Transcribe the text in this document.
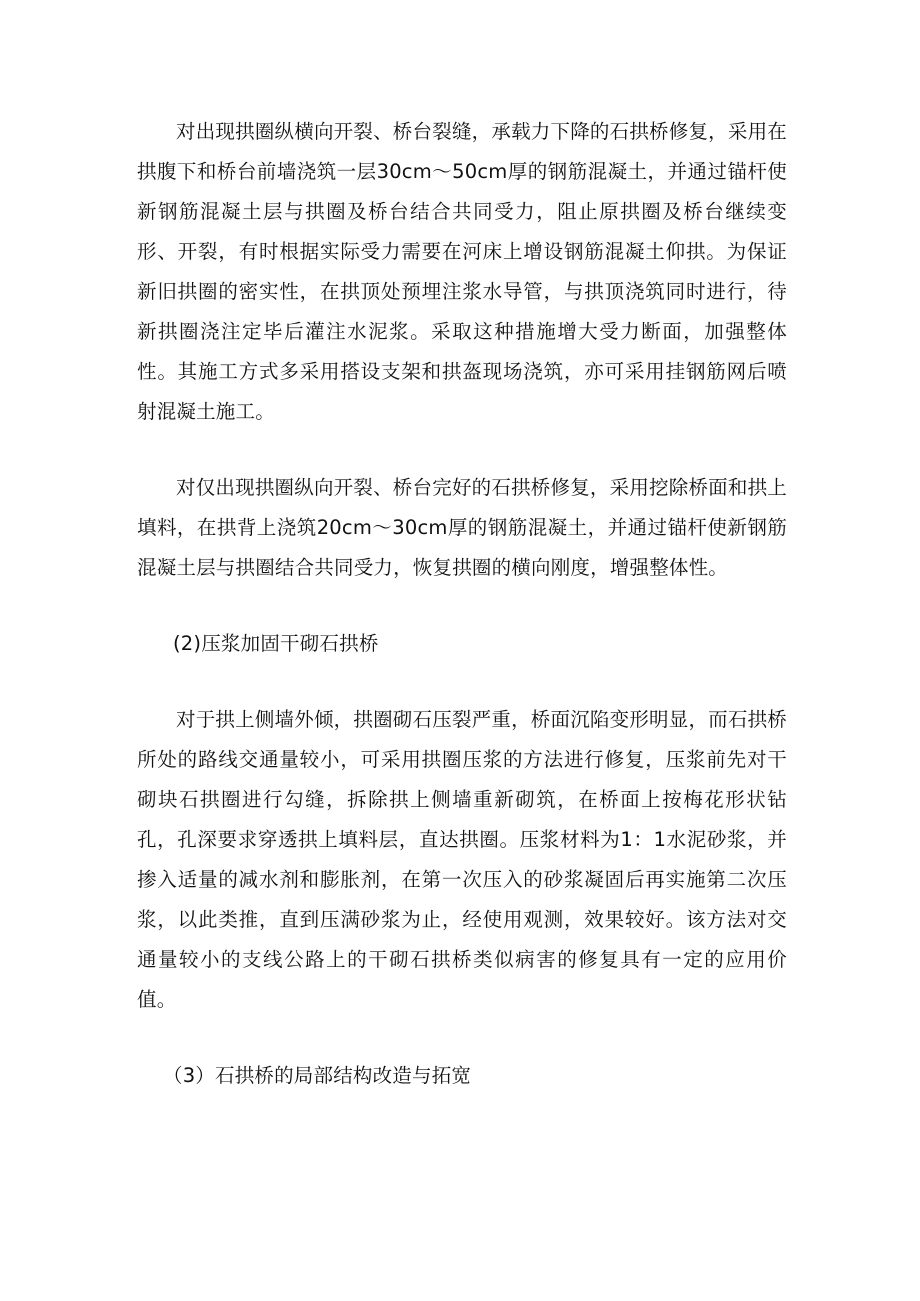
对出现拱圈纵横向开裂、桥台裂缝，承载力下降的石拱桥修复，采用在拱腹下和桥台前墙浇筑一层30cm～50cm厚的钢筋混凝土，并通过锚杆使新钢筋混凝土层与拱圈及桥台结合共同受力，阻止原拱圈及桥台继续变形、开裂，有时根据实际受力需要在河床上增设钢筋混凝土仰拱。为保证新旧拱圈的密实性，在拱顶处预埋注浆水导管，与拱顶浇筑同时进行，待新拱圈浇注定毕后灌注水泥浆。采取这种措施增大受力断面，加强整体性。其施工方式多采用搭设支架和拱盔现场浇筑，亦可采用挂钢筋网后喷射混凝土施工。

对仅出现拱圈纵向开裂、桥台完好的石拱桥修复，采用挖除桥面和拱上填料，在拱背上浇筑20cm～30cm厚的钢筋混凝土，并通过锚杆使新钢筋混凝土层与拱圈结合共同受力，恢复拱圈的横向刚度，增强整体性。

(2)压浆加固干砌石拱桥

对于拱上侧墙外倾，拱圈砌石压裂严重，桥面沉陷变形明显，而石拱桥所处的路线交通量较小，可采用拱圈压浆的方法进行修复，压浆前先对干砌块石拱圈进行勾缝，拆除拱上侧墙重新砌筑，在桥面上按梅花形状钻孔，孔深要求穿透拱上填料层，直达拱圈。压浆材料为1：1水泥砂浆，并掺入适量的减水剂和膨胀剂，在第一次压入的砂浆凝固后再实施第二次压浆，以此类推，直到压满砂浆为止，经使用观测，效果较好。该方法对交通量较小的支线公路上的干砌石拱桥类似病害的修复具有一定的应用价值。

（3）石拱桥的局部结构改造与拓宽
